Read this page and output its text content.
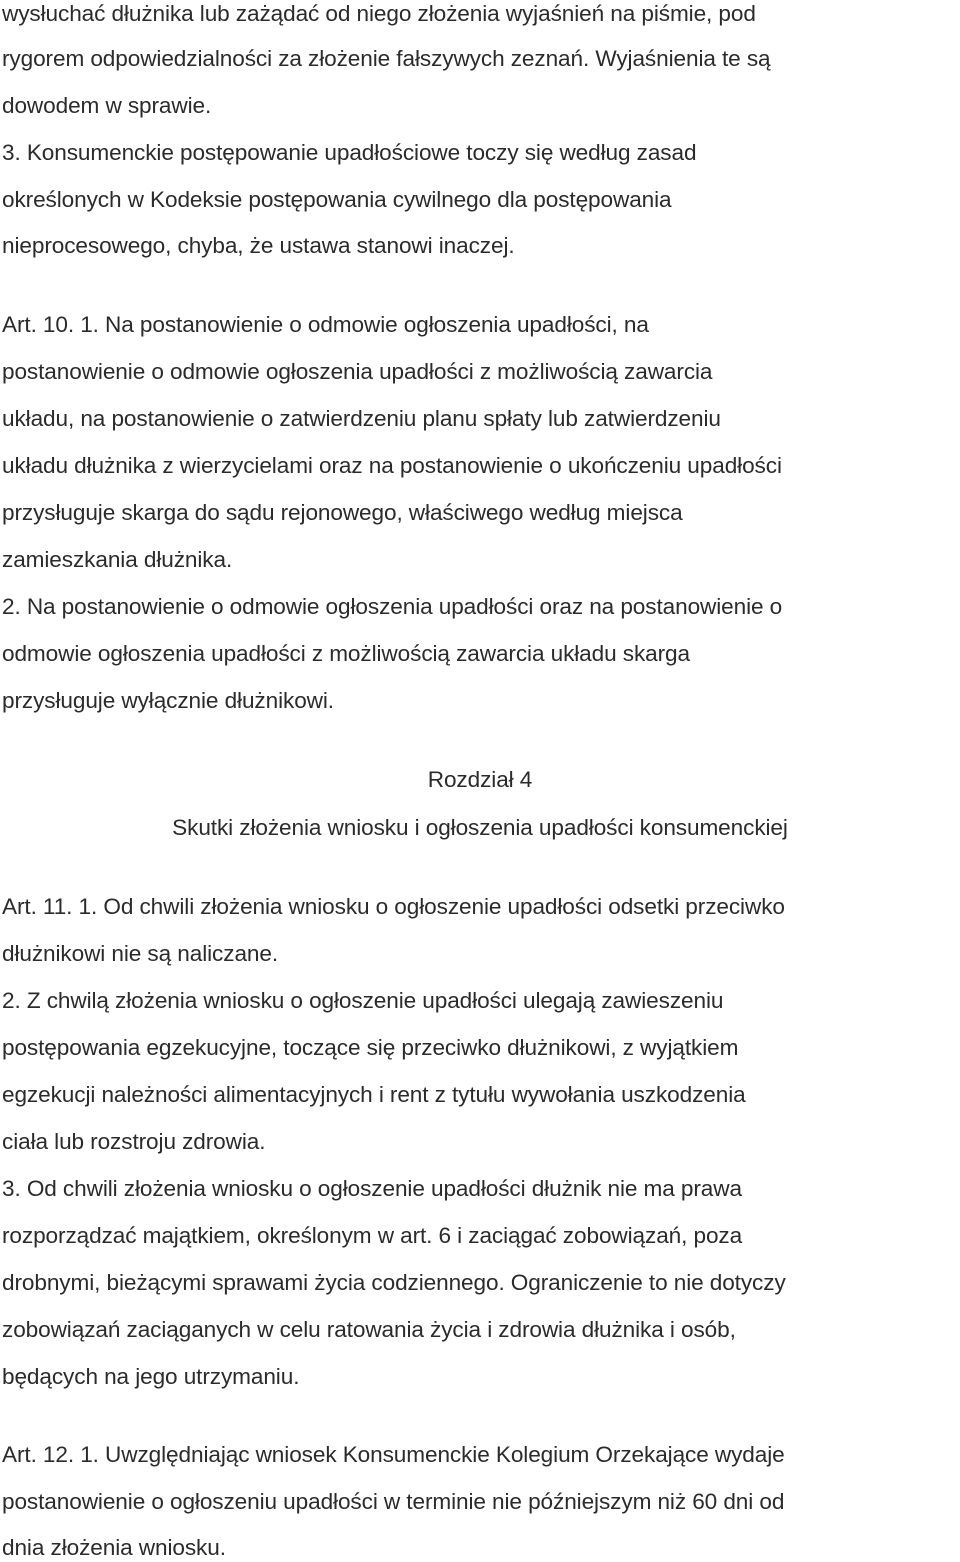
wysłuchać dłużnika lub zażądać od niego złożenia wyjaśnień na piśmie, pod
rygorem odpowiedzialności za złożenie fałszywych zeznań. Wyjaśnienia te są
dowodem w sprawie.
3. Konsumenckie postępowanie upadłościowe toczy się według zasad
określonych w Kodeksie postępowania cywilnego dla postępowania
nieprocesowego, chyba, że ustawa stanowi inaczej.
Art. 10. 1. Na postanowienie o odmowie ogłoszenia upadłości, na
postanowienie o odmowie ogłoszenia upadłości z możliwością zawarcia
układu, na postanowienie o zatwierdzeniu planu spłaty lub zatwierdzeniu
układu dłużnika z wierzycielami oraz na postanowienie o ukończeniu upadłości
przysługuje skarga do sądu rejonowego, właściwego według miejsca
zamieszkania dłużnika.
2. Na postanowienie o odmowie ogłoszenia upadłości oraz na postanowienie o
odmowie ogłoszenia upadłości z możliwością zawarcia układu skarga
przysługuje wyłącznie dłużnikowi.
Rozdział 4
Skutki złożenia wniosku i ogłoszenia upadłości konsumenckiej
Art. 11. 1. Od chwili złożenia wniosku o ogłoszenie upadłości odsetki przeciwko
dłużnikowi nie są naliczane.
2. Z chwilą złożenia wniosku o ogłoszenie upadłości ulegają zawieszeniu
postępowania egzekucyjne, toczące się przeciwko dłużnikowi, z wyjątkiem
egzekucji należności alimentacyjnych i rent z tytułu wywołania uszkodzenia
ciała lub rozstroju zdrowia.
3. Od chwili złożenia wniosku o ogłoszenie upadłości dłużnik nie ma prawa
rozporządzać majątkiem, określonym w art. 6 i zaciągać zobowiązań, poza
drobnymi, bieżącymi sprawami życia codziennego. Ograniczenie to nie dotyczy
zobowiązań zaciąganych w celu ratowania życia i zdrowia dłużnika i osób,
będących na jego utrzymaniu.
Art. 12. 1. Uwzględniając wniosek Konsumenckie Kolegium Orzekające wydaje
postanowienie o ogłoszeniu upadłości w terminie nie późniejszym niż 60 dni od
dnia złożenia wniosku.
